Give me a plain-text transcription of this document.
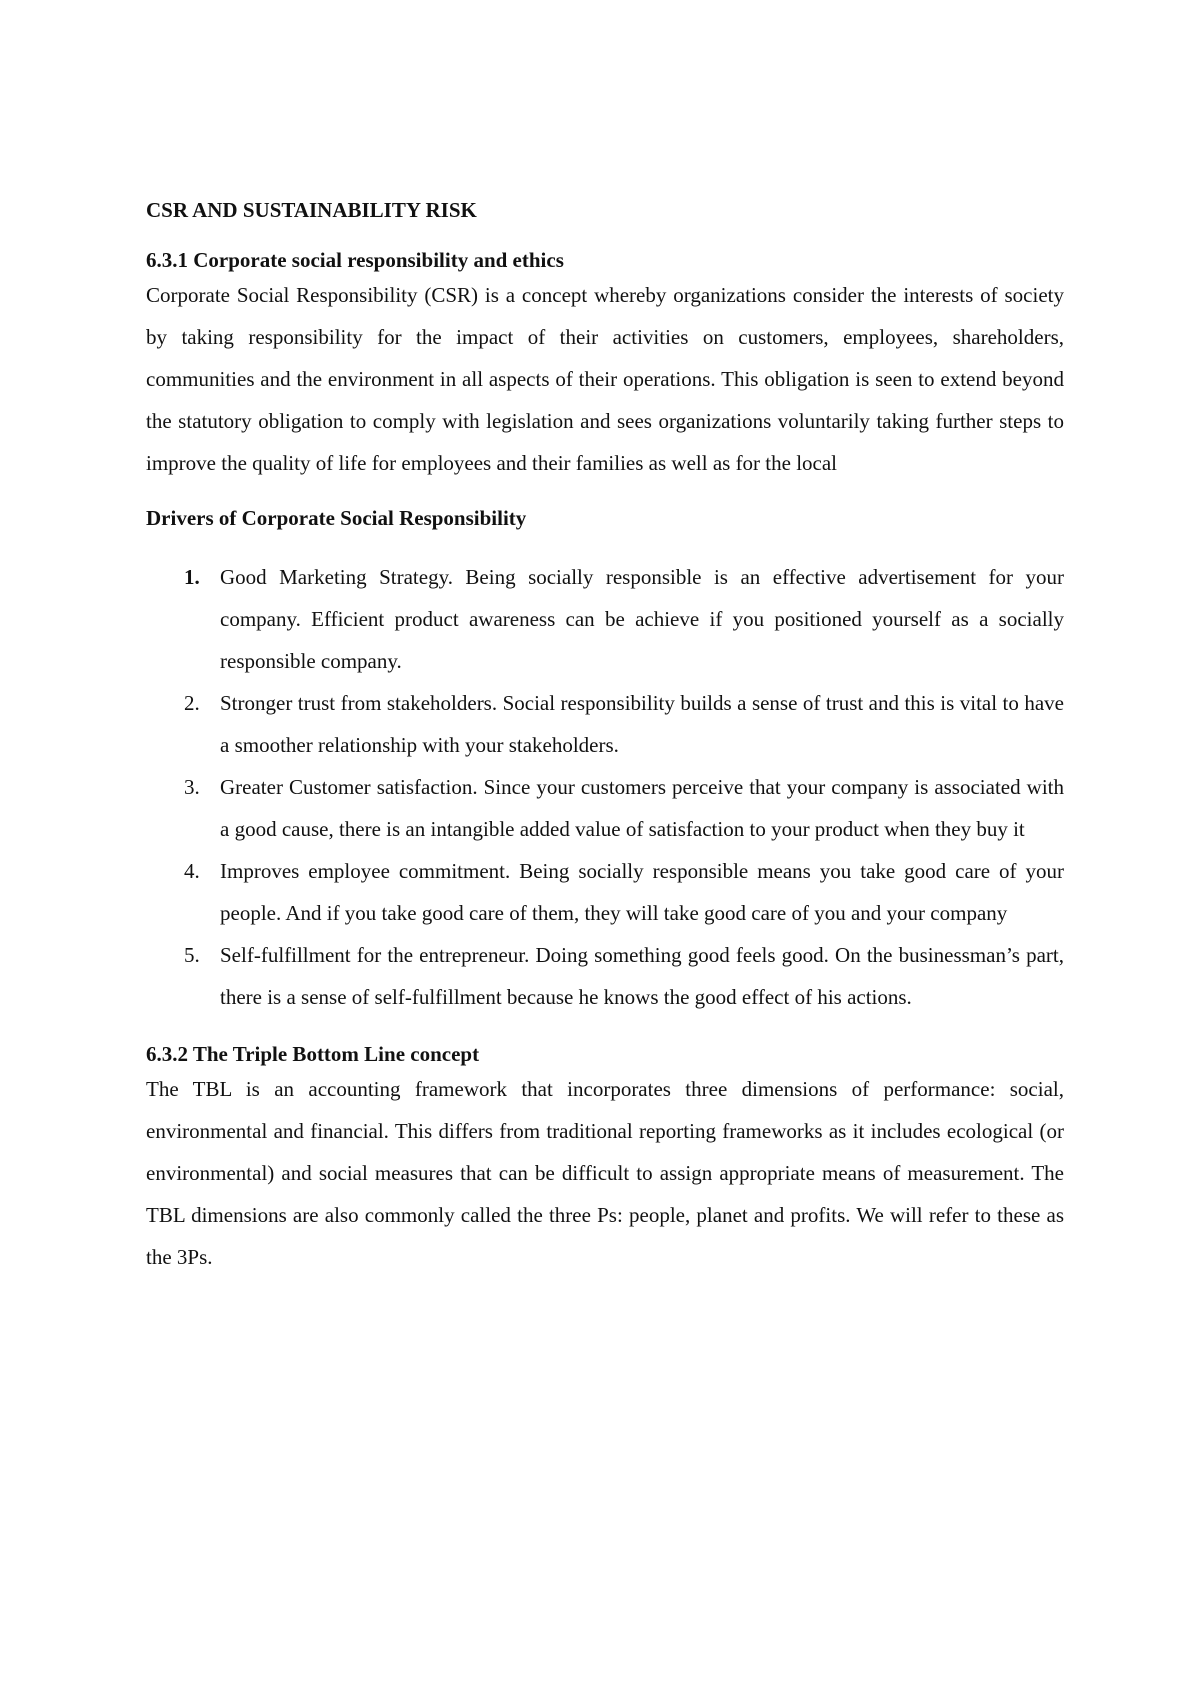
CSR AND SUSTAINABILITY RISK

6.3.1 Corporate social responsibility and ethics

Corporate Social Responsibility (CSR) is a concept whereby organizations consider the interests of society by taking responsibility for the impact of their activities on customers, employees, shareholders, communities and the environment in all aspects of their operations. This obligation is seen to extend beyond the statutory obligation to comply with legislation and sees organizations voluntarily taking further steps to improve the quality of life for employees and their families as well as for the local

Drivers of Corporate Social Responsibility

1. Good Marketing Strategy. Being socially responsible is an effective advertisement for your company. Efficient product awareness can be achieve if you positioned yourself as a socially responsible company.
2. Stronger trust from stakeholders. Social responsibility builds a sense of trust and this is vital to have a smoother relationship with your stakeholders.
3. Greater Customer satisfaction. Since your customers perceive that your company is associated with a good cause, there is an intangible added value of satisfaction to your product when they buy it
4. Improves employee commitment. Being socially responsible means you take good care of your people. And if you take good care of them, they will take good care of you and your company
5. Self-fulfillment for the entrepreneur. Doing something good feels good. On the businessman’s part, there is a sense of self-fulfillment because he knows the good effect of his actions.

6.3.2 The Triple Bottom Line concept

The TBL is an accounting framework that incorporates three dimensions of performance: social, environmental and financial. This differs from traditional reporting frameworks as it includes ecological (or environmental) and social measures that can be difficult to assign appropriate means of measurement. The TBL dimensions are also commonly called the three Ps: people, planet and profits. We will refer to these as the 3Ps.
